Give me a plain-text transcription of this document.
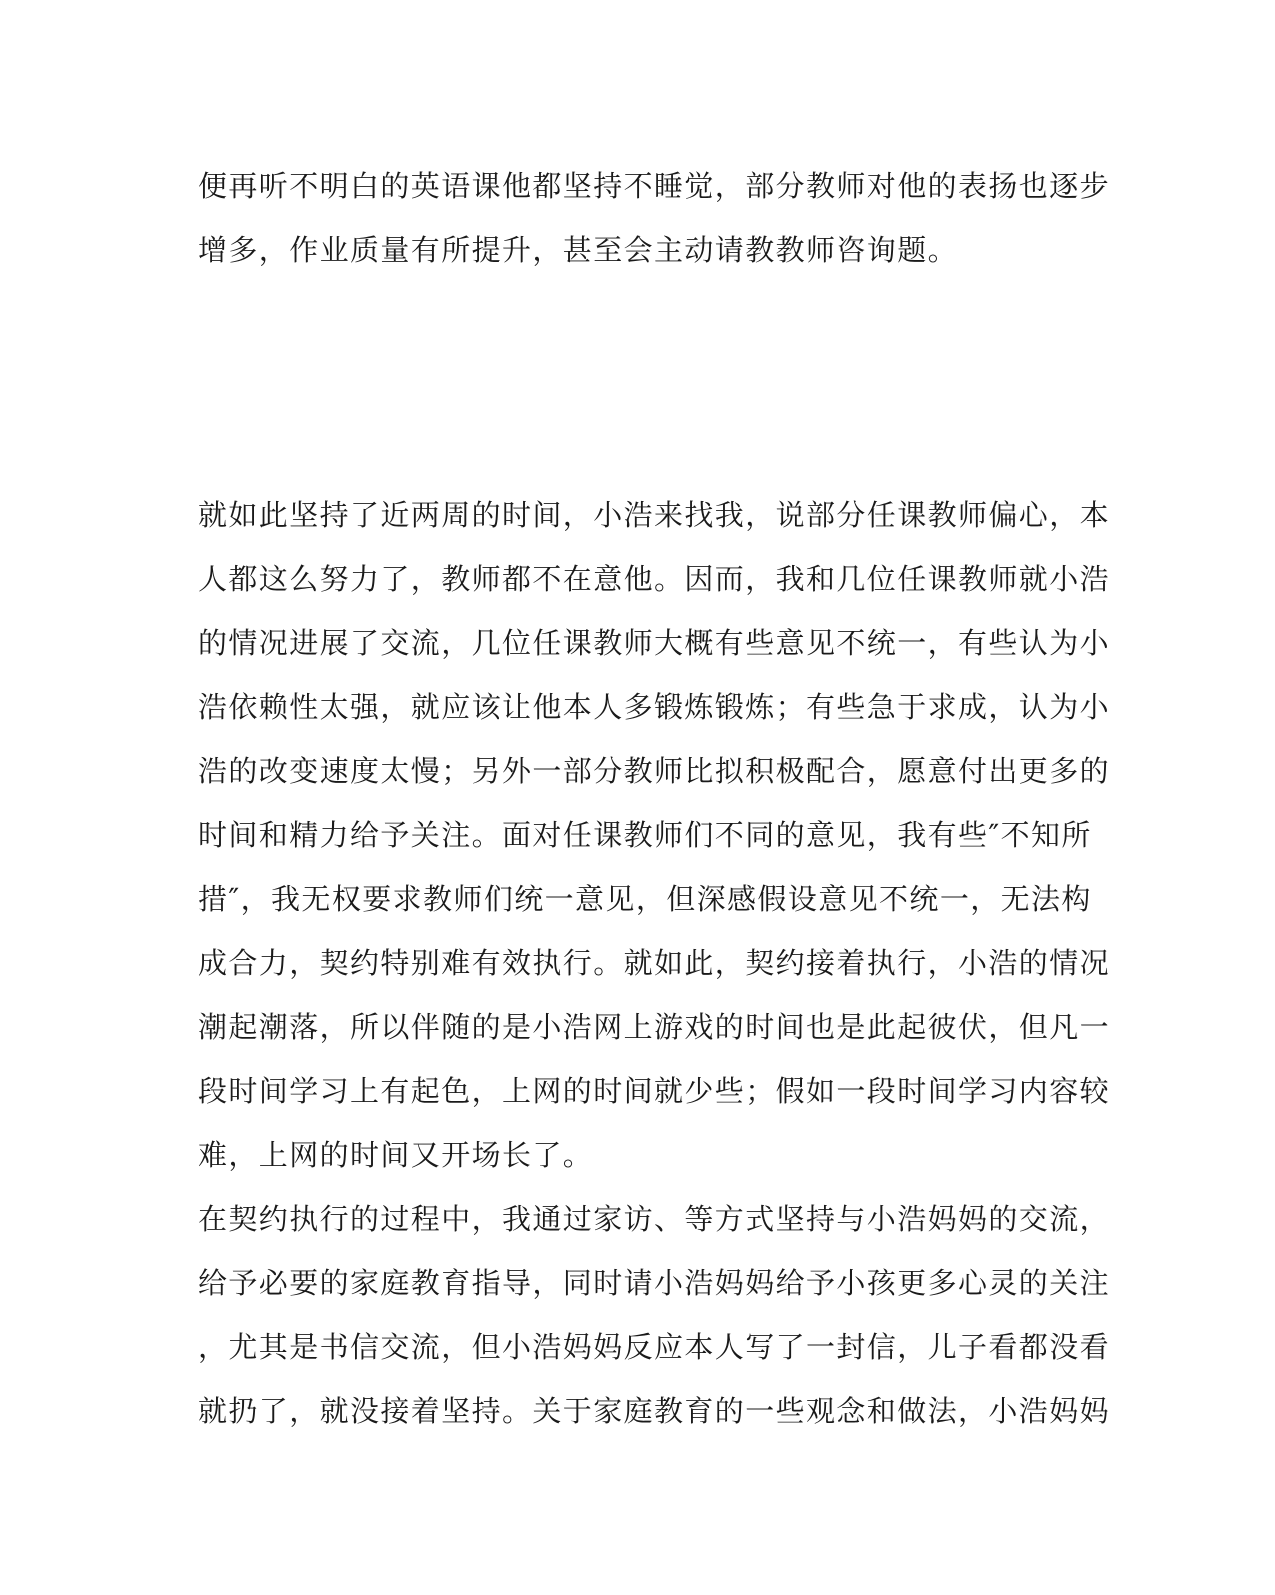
便再听不明白的英语课他都坚持不睡觉，部分教师对他的表扬也逐步
增多，作业质量有所提升，甚至会主动请教教师咨询题。
就如此坚持了近两周的时间，小浩来找我，说部分任课教师偏心，本
人都这么努力了，教师都不在意他。因而，我和几位任课教师就小浩
的情况进展了交流，几位任课教师大概有些意见不统一，有些认为小
浩依赖性太强，就应该让他本人多锻炼锻炼；有些急于求成，认为小
浩的改变速度太慢；另外一部分教师比拟积极配合，愿意付出更多的
时间和精力给予关注。面对任课教师们不同的意见，我有些″不知所
措″，我无权要求教师们统一意见，但深感假设意见不统一，无法构
成合力，契约特别难有效执行。就如此，契约接着执行，小浩的情况
潮起潮落，所以伴随的是小浩网上游戏的时间也是此起彼伏，但凡一
段时间学习上有起色，上网的时间就少些；假如一段时间学习内容较
难，上网的时间又开场长了。
在契约执行的过程中，我通过家访、等方式坚持与小浩妈妈的交流，
给予必要的家庭教育指导，同时请小浩妈妈给予小孩更多心灵的关注
，尤其是书信交流，但小浩妈妈反应本人写了一封信，儿子看都没看
就扔了，就没接着坚持。关于家庭教育的一些观念和做法，小浩妈妈
